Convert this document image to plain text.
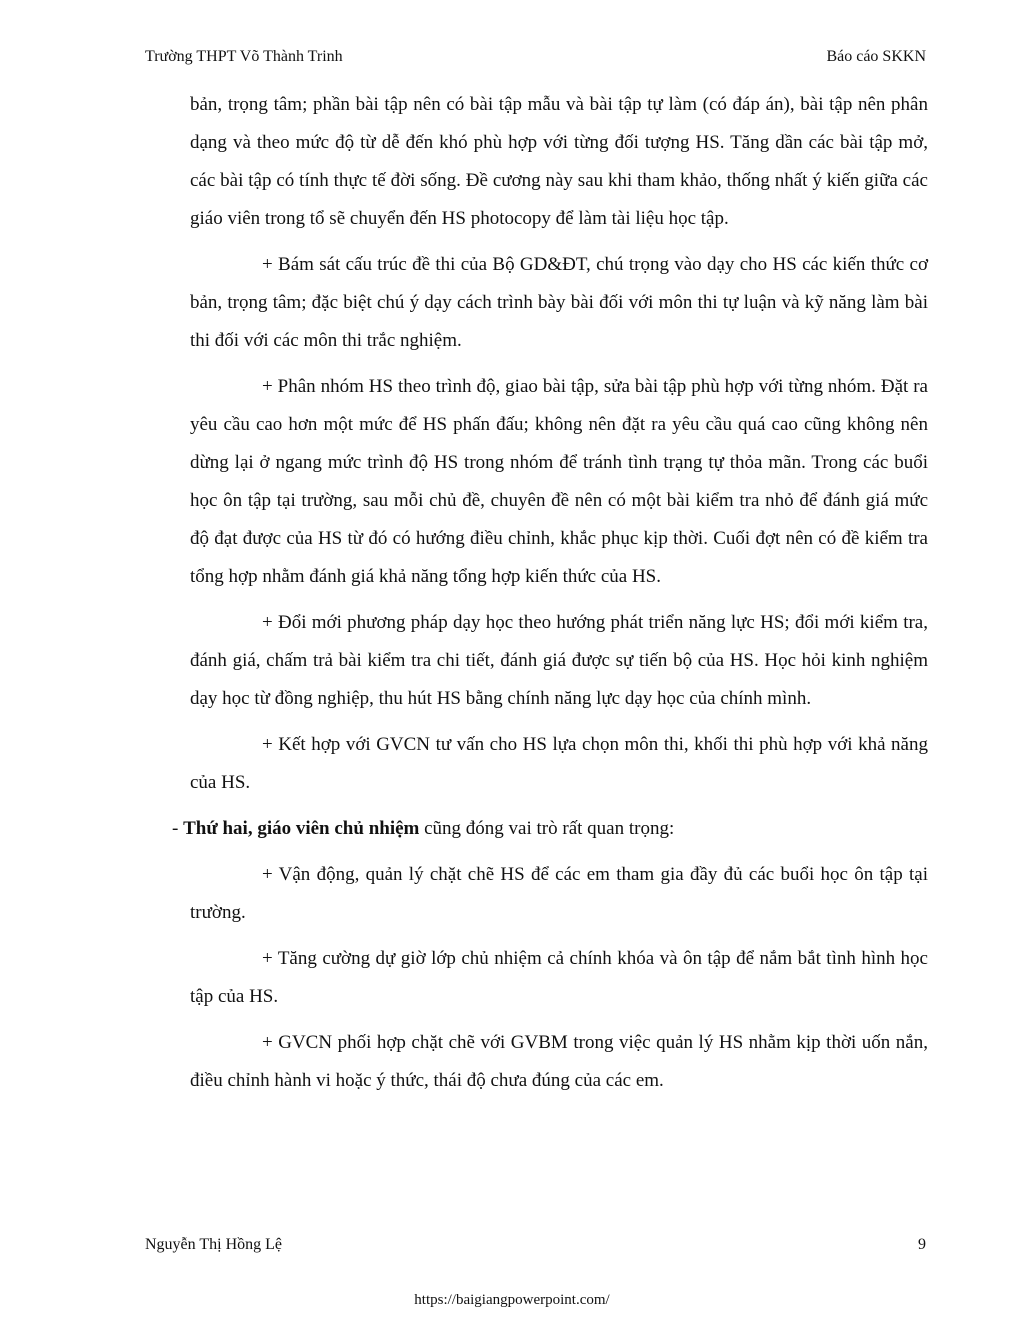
Trường THPT Võ Thành Trinh	Báo cáo SKKN

bản, trọng tâm; phần bài tập nên có bài tập mẫu và bài tập tự làm (có đáp án), bài tập nên phân dạng và theo mức độ từ dễ đến khó phù hợp với từng đối tượng HS. Tăng dần các bài tập mở, các bài tập có tính thực tế đời sống. Đề cương này sau khi tham khảo, thống nhất ý kiến giữa các giáo viên trong tổ sẽ chuyển đến HS photocopy để làm tài liệu học tập.

+ Bám sát cấu trúc đề thi của Bộ GD&ĐT, chú trọng vào dạy cho HS các kiến thức cơ bản, trọng tâm; đặc biệt chú ý dạy cách trình bày bài đối với môn thi tự luận và kỹ năng làm bài thi đối với các môn thi trắc nghiệm.

+ Phân nhóm HS theo trình độ, giao bài tập, sửa bài tập phù hợp với từng nhóm. Đặt ra yêu cầu cao hơn một mức để HS phấn đấu; không nên đặt ra yêu cầu quá cao cũng không nên dừng lại ở ngang mức trình độ HS trong nhóm để tránh tình trạng tự thỏa mãn. Trong các buổi học ôn tập tại trường, sau mỗi chủ đề, chuyên đề nên có một bài kiểm tra nhỏ để đánh giá mức độ đạt được của HS từ đó có hướng điều chỉnh, khắc phục kịp thời. Cuối đợt nên có đề kiểm tra tổng hợp nhằm đánh giá khả năng tổng hợp kiến thức của HS.

+ Đổi mới phương pháp dạy học theo hướng phát triển năng lực HS; đổi mới kiểm tra, đánh giá, chấm trả bài kiểm tra chi tiết, đánh giá được sự tiến bộ của HS. Học hỏi kinh nghiệm dạy học từ đồng nghiệp, thu hút HS bằng chính năng lực dạy học của chính mình.

+ Kết hợp với GVCN tư vấn cho HS lựa chọn môn thi, khối thi phù hợp với khả năng của HS.

- Thứ hai, giáo viên chủ nhiệm cũng đóng vai trò rất quan trọng:

+ Vận động, quản lý chặt chẽ HS để các em tham gia đầy đủ các buổi học ôn tập tại trường.

+ Tăng cường dự giờ lớp chủ nhiệm cả chính khóa và ôn tập để nắm bắt tình hình học tập của HS.

+ GVCN phối hợp chặt chẽ với GVBM trong việc quản lý HS nhằm kịp thời uốn nắn, điều chỉnh hành vi hoặc ý thức, thái độ chưa đúng của các em.

Nguyễn Thị Hồng Lệ	9
https://baigiangpowerpoint.com/
